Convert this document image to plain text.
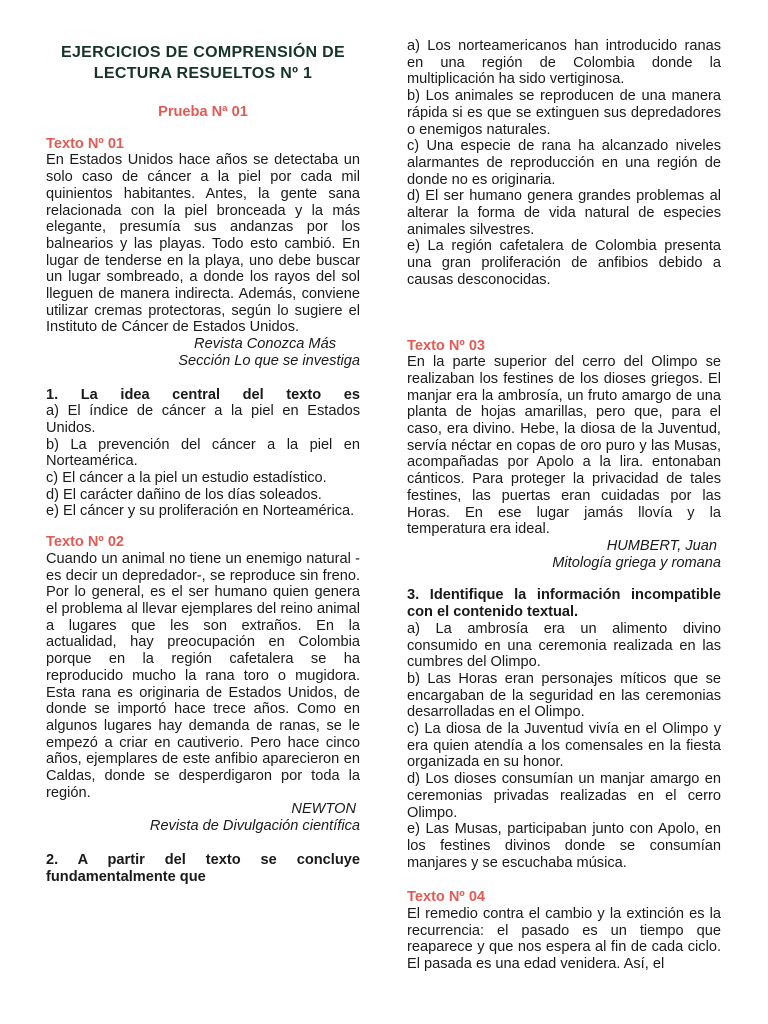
EJERCICIOS DE COMPRENSIÓN DE
LECTURA RESUELTOS Nº 1
Prueba Nª 01
Texto Nº 01
En Estados Unidos hace años se detectaba un solo caso de cáncer a la piel por cada mil quinientos habitantes. Antes, la gente sana relacionada con la piel bronceada y la más elegante, presumía sus andanzas por los balnearios y las playas. Todo esto cambió. En lugar de tenderse en la playa, uno debe buscar un lugar sombreado, a donde los rayos del sol lleguen de manera indirecta. Además, conviene utilizar cremas protectoras, según lo sugiere el Instituto de Cáncer de Estados Unidos.
Revista Conozca Más
Sección Lo que se investiga
1. La idea central del texto es
a) El índice de cáncer a la piel en Estados Unidos.
b) La prevención del cáncer a la piel en Norteamérica.
c) El cáncer a la piel un estudio estadístico.
d) El carácter dañino de los días soleados.
e) El cáncer y su proliferación en Norteamérica.
Texto Nº 02
Cuando un animal no tiene un enemigo natural -es decir un depredador-, se reproduce sin freno. Por lo general, es el ser humano quien genera el problema al llevar ejemplares del reino animal a lugares que les son extraños. En la actualidad, hay preocupación en Colombia porque en la región cafetalera se ha reproducido mucho la rana toro o mugidora. Esta rana es originaria de Estados Unidos, de donde se importó hace trece años. Como en algunos lugares hay demanda de ranas, se le empezó a criar en cautiverio. Pero hace cinco años, ejemplares de este anfibio aparecieron en Caldas, donde se desperdigaron por toda la región.
NEWTON
Revista de Divulgación científica
2. A partir del texto se concluye fundamentalmente que
a) Los norteamericanos han introducido ranas en una región de Colombia donde la multiplicación ha sido vertiginosa.
b) Los animales se reproducen de una manera rápida si es que se extinguen sus depredadores o enemigos naturales.
c) Una especie de rana ha alcanzado niveles alarmantes de reproducción en una región de donde no es originaria.
d) El ser humano genera grandes problemas al alterar la forma de vida natural de especies animales silvestres.
e) La región cafetalera de Colombia presenta una gran proliferación de anfibios debido a causas desconocidas.
Texto Nº 03
En la parte superior del cerro del Olimpo se realizaban los festines de los dioses griegos. El manjar era la ambrosía, un fruto amargo de una planta de hojas amarillas, pero que, para el caso, era divino. Hebe, la diosa de la Juventud, servía néctar en copas de oro puro y las Musas, acompañadas por Apolo a la lira. entonaban cánticos. Para proteger la privacidad de tales festines, las puertas eran cuidadas por las Horas. En ese lugar jamás llovía y la temperatura era ideal.
HUMBERT, Juan
Mitología griega y romana
3. Identifique la información incompatible con el contenido textual.
a) La ambrosía era un alimento divino consumido en una ceremonia realizada en las cumbres del Olimpo.
b) Las Horas eran personajes míticos que se encargaban de la seguridad en las ceremonias desarrolladas en el Olimpo.
c) La diosa de la Juventud vivía en el Olimpo y era quien atendía a los comensales en la fiesta organizada en su honor.
d) Los dioses consumían un manjar amargo en ceremonias privadas realizadas en el cerro Olimpo.
e) Las Musas, participaban junto con Apolo, en los festines divinos donde se consumían manjares y se escuchaba música.
Texto Nº 04
El remedio contra el cambio y la extinción es la recurrencia: el pasado es un tiempo que reaparece y que nos espera al fin de cada ciclo. El pasada es una edad venidera. Así, el
